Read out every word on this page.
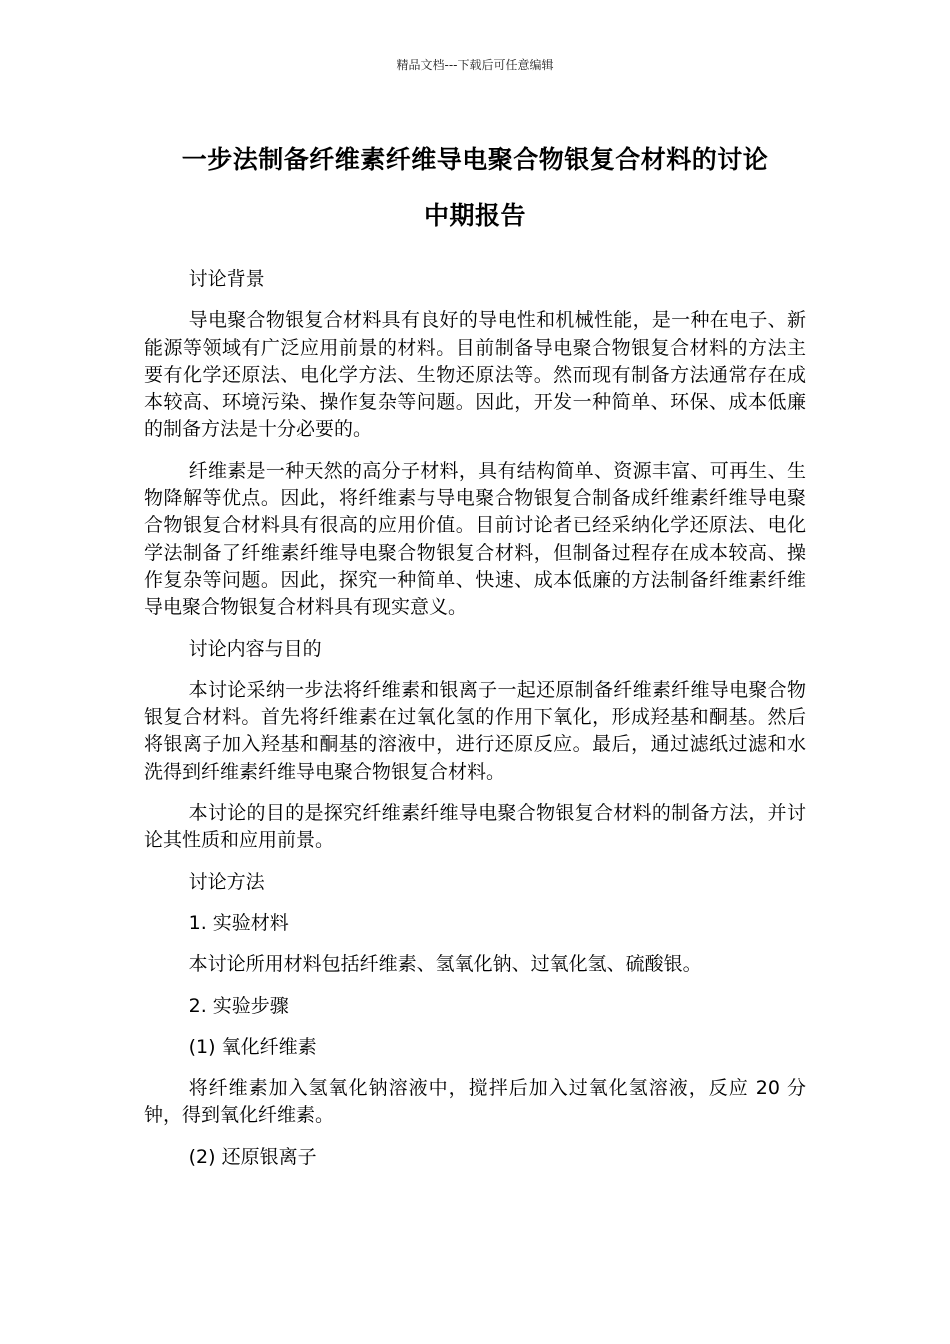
精品文档---下载后可任意编辑
一步法制备纤维素纤维导电聚合物银复合材料的讨论
中期报告

讨论背景

导电聚合物银复合材料具有良好的导电性和机械性能，是一种在电子、新能源等领域有广泛应用前景的材料。目前制备导电聚合物银复合材料的方法主要有化学还原法、电化学方法、生物还原法等。然而现有制备方法通常存在成本较高、环境污染、操作复杂等问题。因此，开发一种简单、环保、成本低廉的制备方法是十分必要的。

纤维素是一种天然的高分子材料，具有结构简单、资源丰富、可再生、生物降解等优点。因此，将纤维素与导电聚合物银复合制备成纤维素纤维导电聚合物银复合材料具有很高的应用价值。目前讨论者已经采纳化学还原法、电化学法制备了纤维素纤维导电聚合物银复合材料，但制备过程存在成本较高、操作复杂等问题。因此，探究一种简单、快速、成本低廉的方法制备纤维素纤维导电聚合物银复合材料具有现实意义。

讨论内容与目的

本讨论采纳一步法将纤维素和银离子一起还原制备纤维素纤维导电聚合物银复合材料。首先将纤维素在过氧化氢的作用下氧化，形成羟基和酮基。然后将银离子加入羟基和酮基的溶液中，进行还原反应。最后，通过滤纸过滤和水洗得到纤维素纤维导电聚合物银复合材料。

本讨论的目的是探究纤维素纤维导电聚合物银复合材料的制备方法，并讨论其性质和应用前景。

讨论方法

1. 实验材料

本讨论所用材料包括纤维素、氢氧化钠、过氧化氢、硫酸银。

2. 实验步骤

(1) 氧化纤维素

将纤维素加入氢氧化钠溶液中，搅拌后加入过氧化氢溶液，反应 20 分钟，得到氧化纤维素。

(2) 还原银离子
